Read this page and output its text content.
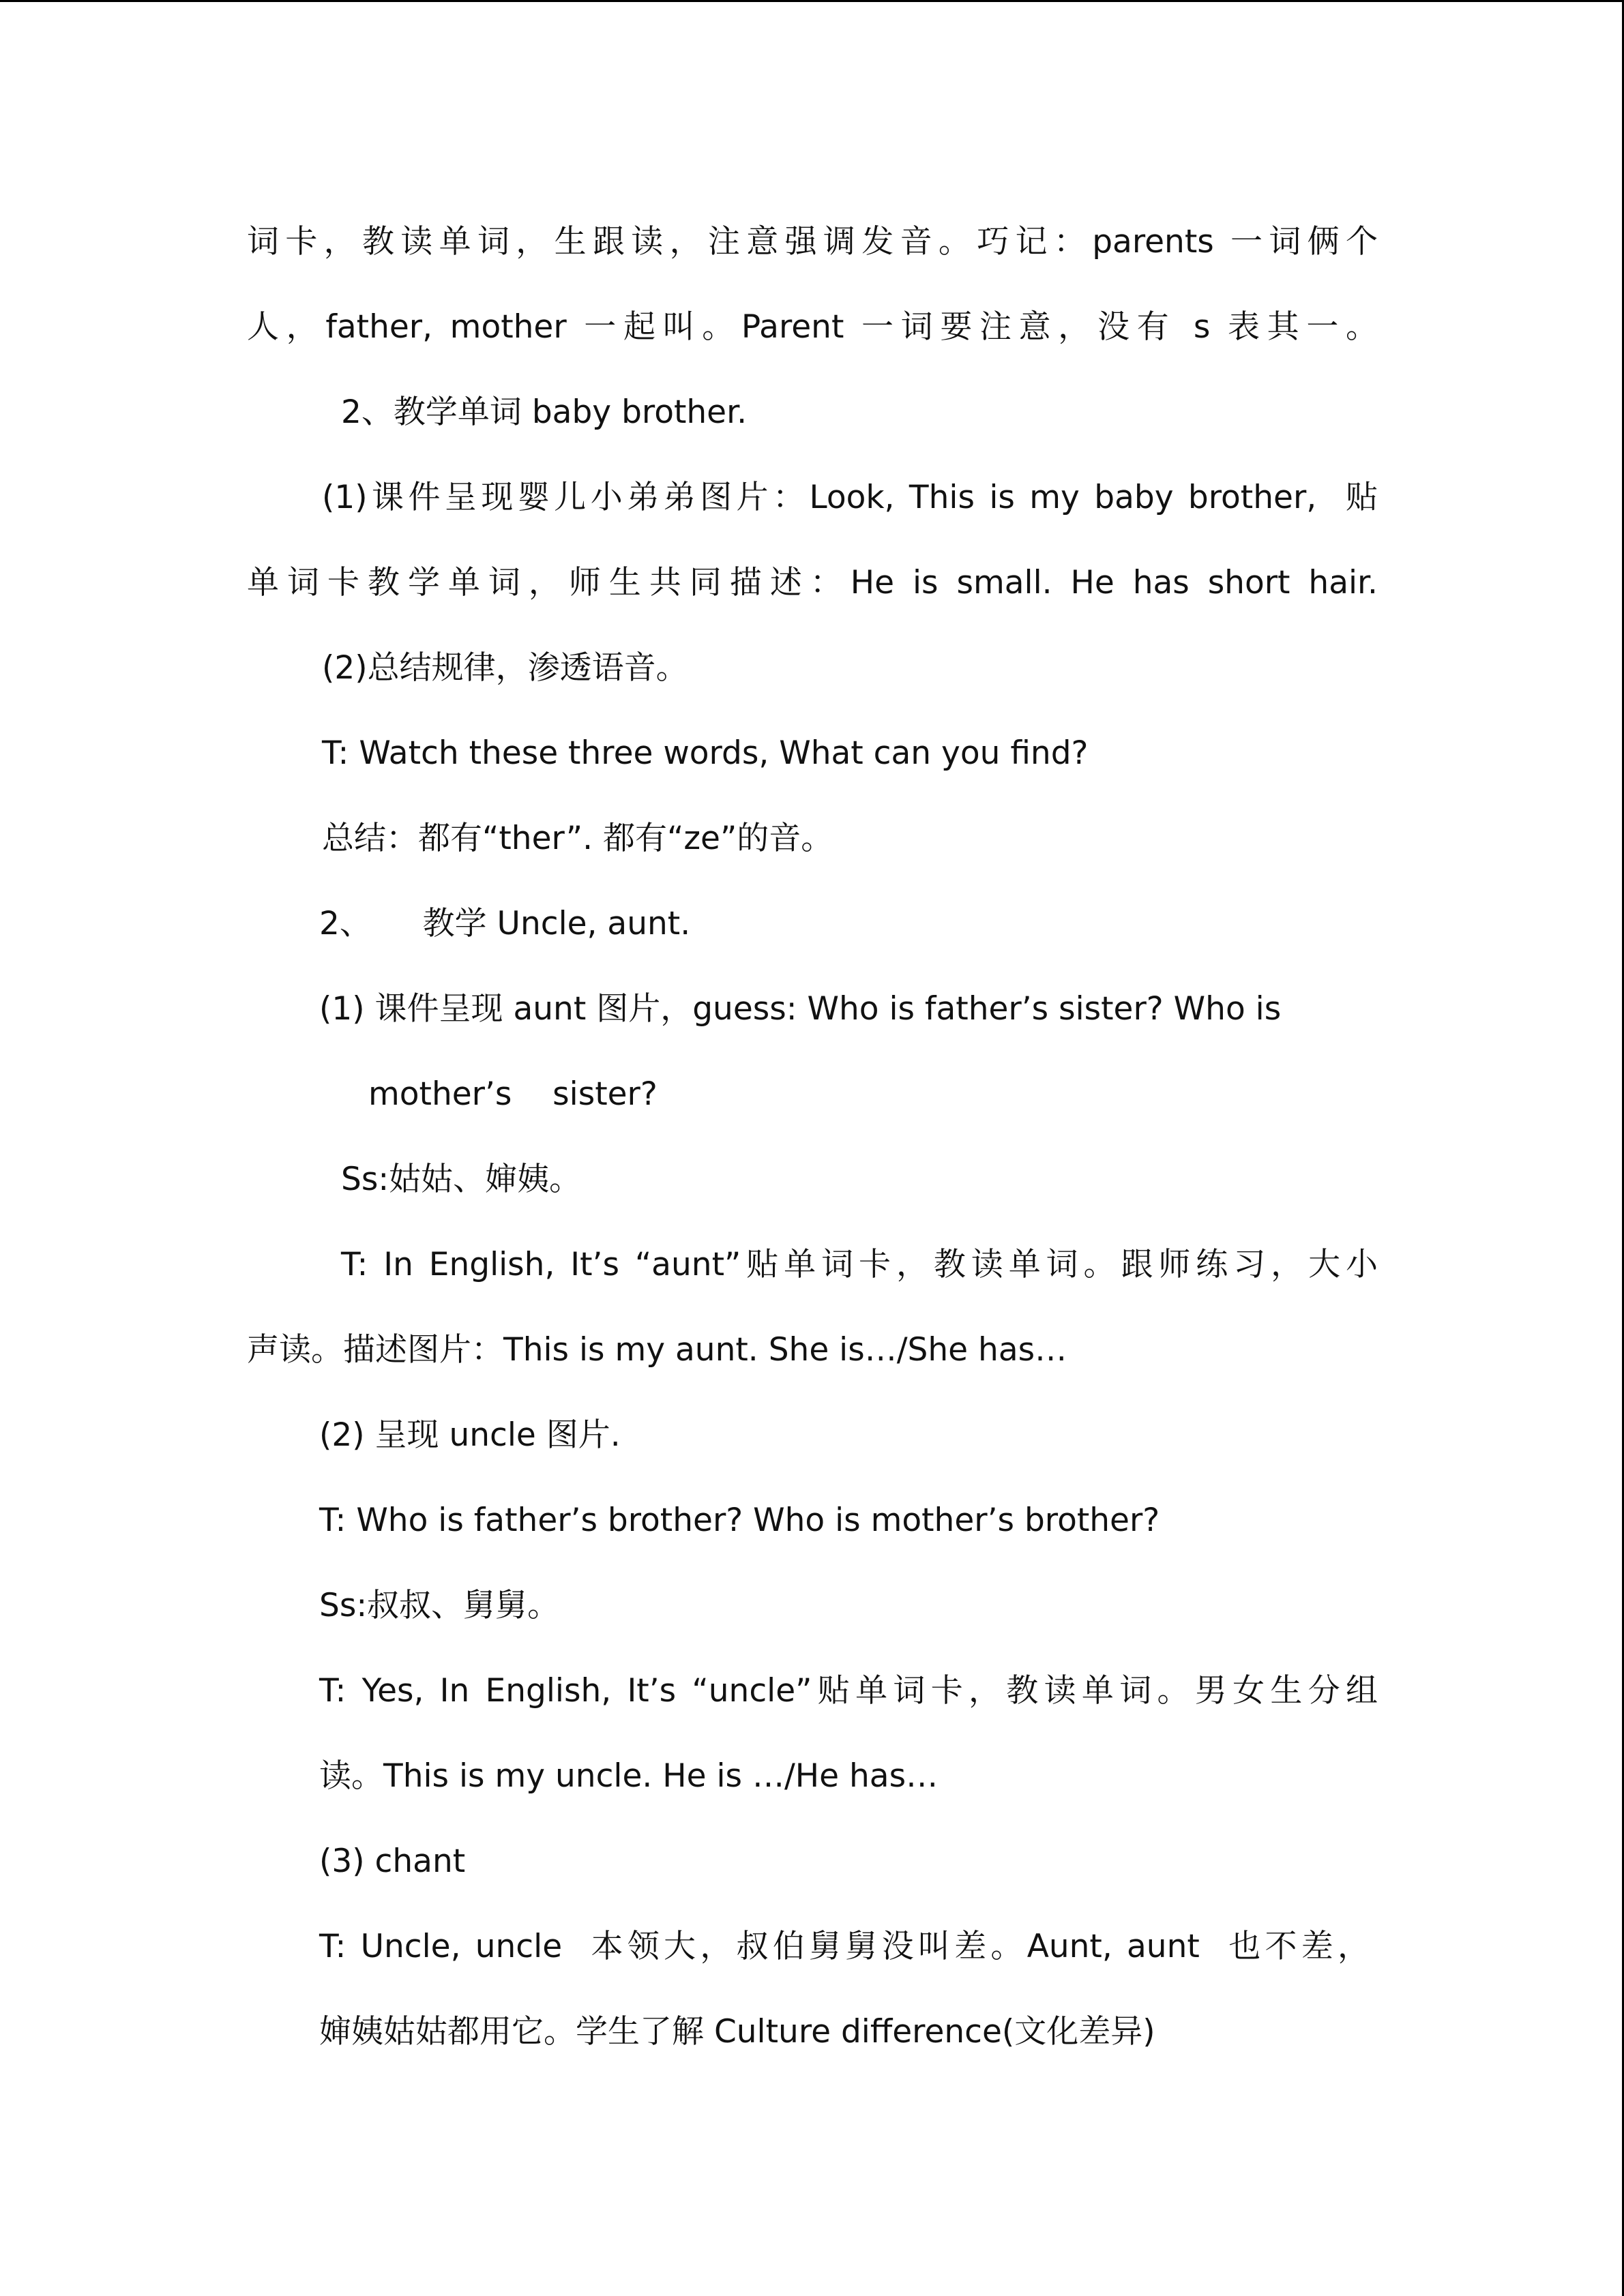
词卡，教读单词，生跟读，注意强调发音。巧记：parents 一词俩个
人，father, mother 一起叫。Parent 一词要注意，没有 s 表其一。
2、教学单词 baby brother.
(1)课件呈现婴儿小弟弟图片：Look, This is my baby brother,  贴
单词卡教学单词，师生共同描述：He is small. He has short hair.
(2)总结规律，渗透语音。
T: Watch these three words, What can you find?
总结：都有“ther”. 都有“ze”的音。
2、     教学 Uncle, aunt.
(1) 课件呈现 aunt 图片，guess: Who is father’s sister? Who is
mother’s    sister?
Ss:姑姑、婶姨。
T: In English, It’s “aunt”贴单词卡，教读单词。跟师练习，大小
声读。描述图片：This is my aunt. She is…/She has…
(2) 呈现 uncle 图片.
T: Who is father’s brother? Who is mother’s brother?
Ss:叔叔、舅舅。
T: Yes, In English, It’s “uncle”贴单词卡，教读单词。男女生分组
读。This is my uncle. He is …/He has…
(3) chant
T: Uncle, uncle  本领大，叔伯舅舅没叫差。Aunt, aunt  也不差，
婶姨姑姑都用它。学生了解 Culture difference(文化差异)
